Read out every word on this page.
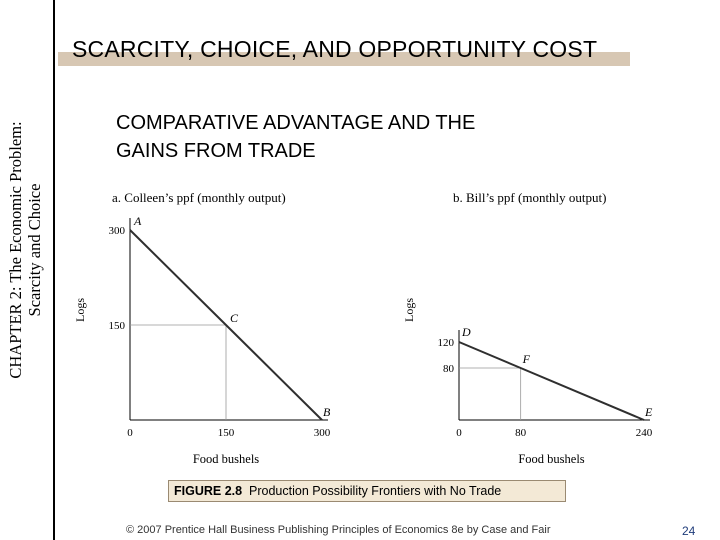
SCARCITY, CHOICE, AND OPPORTUNITY COST
CHAPTER 2: The Economic Problem: Scarcity and Choice
COMPARATIVE ADVANTAGE AND THE
GAINS FROM TRADE
a. Colleen’s ppf (monthly output)
A
C
B
0	150	300
150
300
Food bushels
Logs
b. Bill’s ppf (monthly output)
D
F
E
0	80	240
80
120
Food bushels
Logs
FIGURE 2.8 Production Possibility Frontiers with No Trade
© 2007 Prentice Hall Business Publishing Principles of Economics 8e by Case and Fair	24
